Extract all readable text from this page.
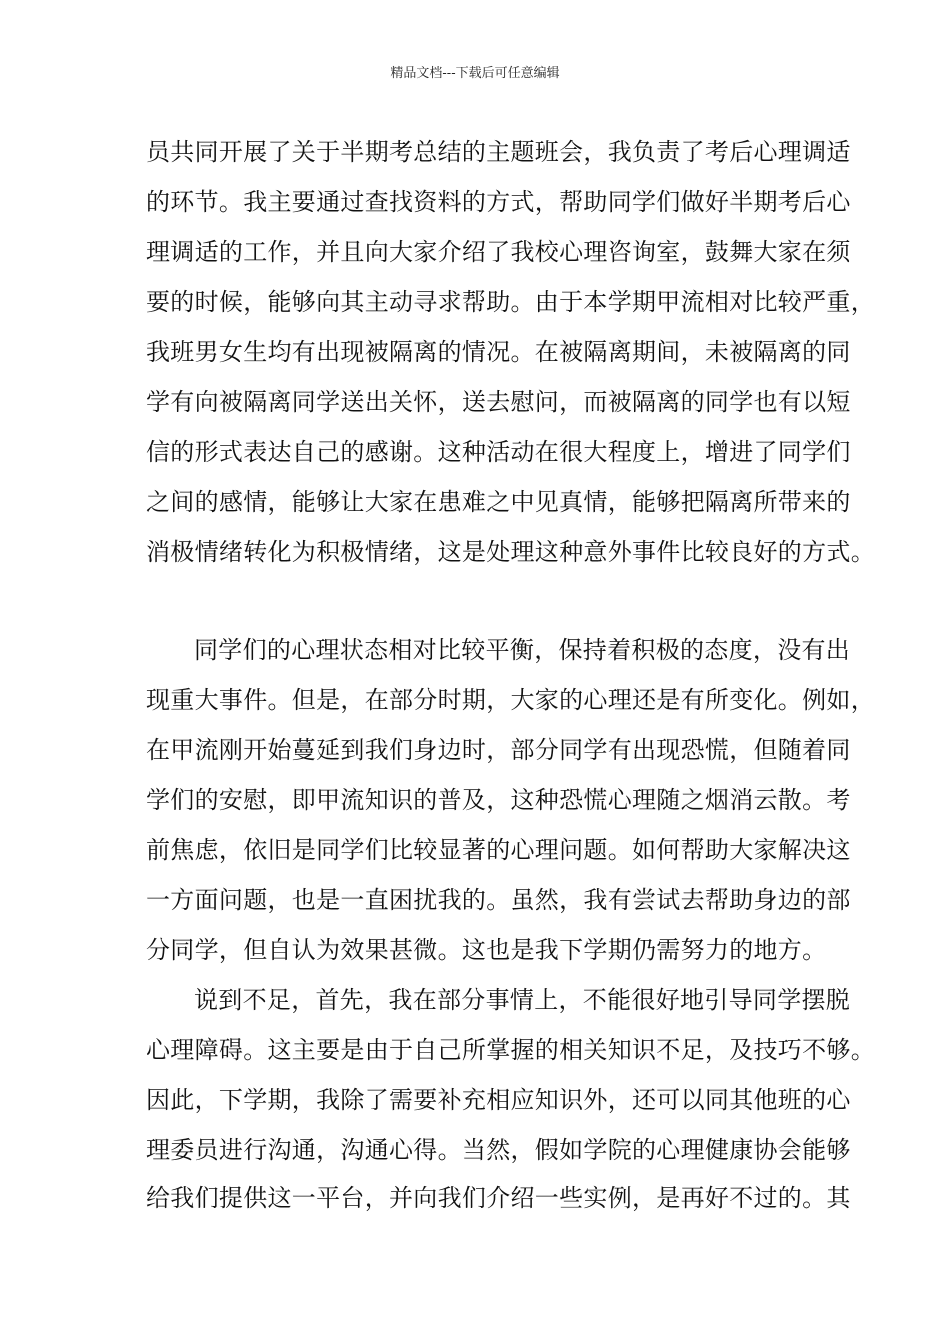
精品文档---下载后可任意编辑
员共同开展了关于半期考总结的主题班会，我负责了考后心理调适
的环节。我主要通过查找资料的方式，帮助同学们做好半期考后心
理调适的工作，并且向大家介绍了我校心理咨询室，鼓舞大家在须
要的时候，能够向其主动寻求帮助。由于本学期甲流相对比较严重，
我班男女生均有出现被隔离的情况。在被隔离期间，未被隔离的同
学有向被隔离同学送出关怀，送去慰问，而被隔离的同学也有以短
信的形式表达自己的感谢。这种活动在很大程度上，增进了同学们
之间的感情，能够让大家在患难之中见真情，能够把隔离所带来的
消极情绪转化为积极情绪，这是处理这种意外事件比较良好的方式。
同学们的心理状态相对比较平衡，保持着积极的态度，没有出
现重大事件。但是，在部分时期，大家的心理还是有所变化。例如，
在甲流刚开始蔓延到我们身边时，部分同学有出现恐慌，但随着同
学们的安慰，即甲流知识的普及，这种恐慌心理随之烟消云散。考
前焦虑，依旧是同学们比较显著的心理问题。如何帮助大家解决这
一方面问题，也是一直困扰我的。虽然，我有尝试去帮助身边的部
分同学，但自认为效果甚微。这也是我下学期仍需努力的地方。
说到不足，首先，我在部分事情上，不能很好地引导同学摆脱
心理障碍。这主要是由于自己所掌握的相关知识不足，及技巧不够。
因此，下学期，我除了需要补充相应知识外，还可以同其他班的心
理委员进行沟通，沟通心得。当然，假如学院的心理健康协会能够
给我们提供这一平台，并向我们介绍一些实例，是再好不过的。其
